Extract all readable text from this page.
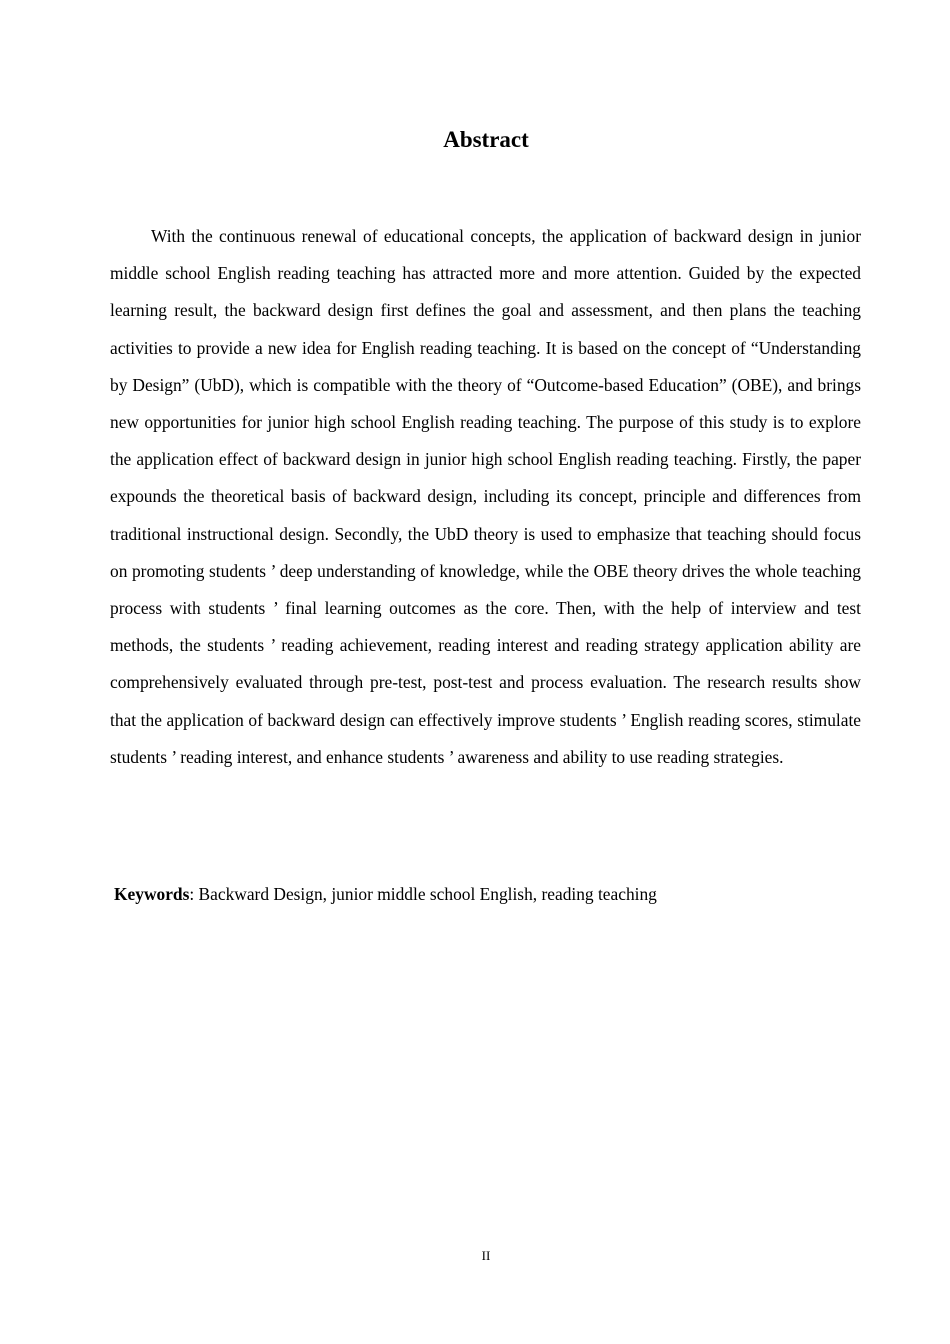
Abstract

With the continuous renewal of educational concepts, the application of backward design in junior middle school English reading teaching has attracted more and more attention. Guided by the expected learning result, the backward design first defines the goal and assessment, and then plans the teaching activities to provide a new idea for English reading teaching. It is based on the concept of “Understanding by Design” (UbD), which is compatible with the theory of “Outcome-based Education” (OBE), and brings new opportunities for junior high school English reading teaching. The purpose of this study is to explore the application effect of backward design in junior high school English reading teaching. Firstly, the paper expounds the theoretical basis of backward design, including its concept, principle and differences from traditional instructional design. Secondly, the UbD theory is used to emphasize that teaching should focus on promoting students ’ deep understanding of knowledge, while the OBE theory drives the whole teaching process with students ’ final learning outcomes as the core. Then, with the help of interview and test methods, the students ’ reading achievement, reading interest and reading strategy application ability are comprehensively evaluated through pre-test, post-test and process evaluation. The research results show that the application of backward design can effectively improve students ’ English reading scores, stimulate students ’ reading interest, and enhance students ’ awareness and ability to use reading strategies.

Keywords: Backward Design, junior middle school English, reading teaching
II
